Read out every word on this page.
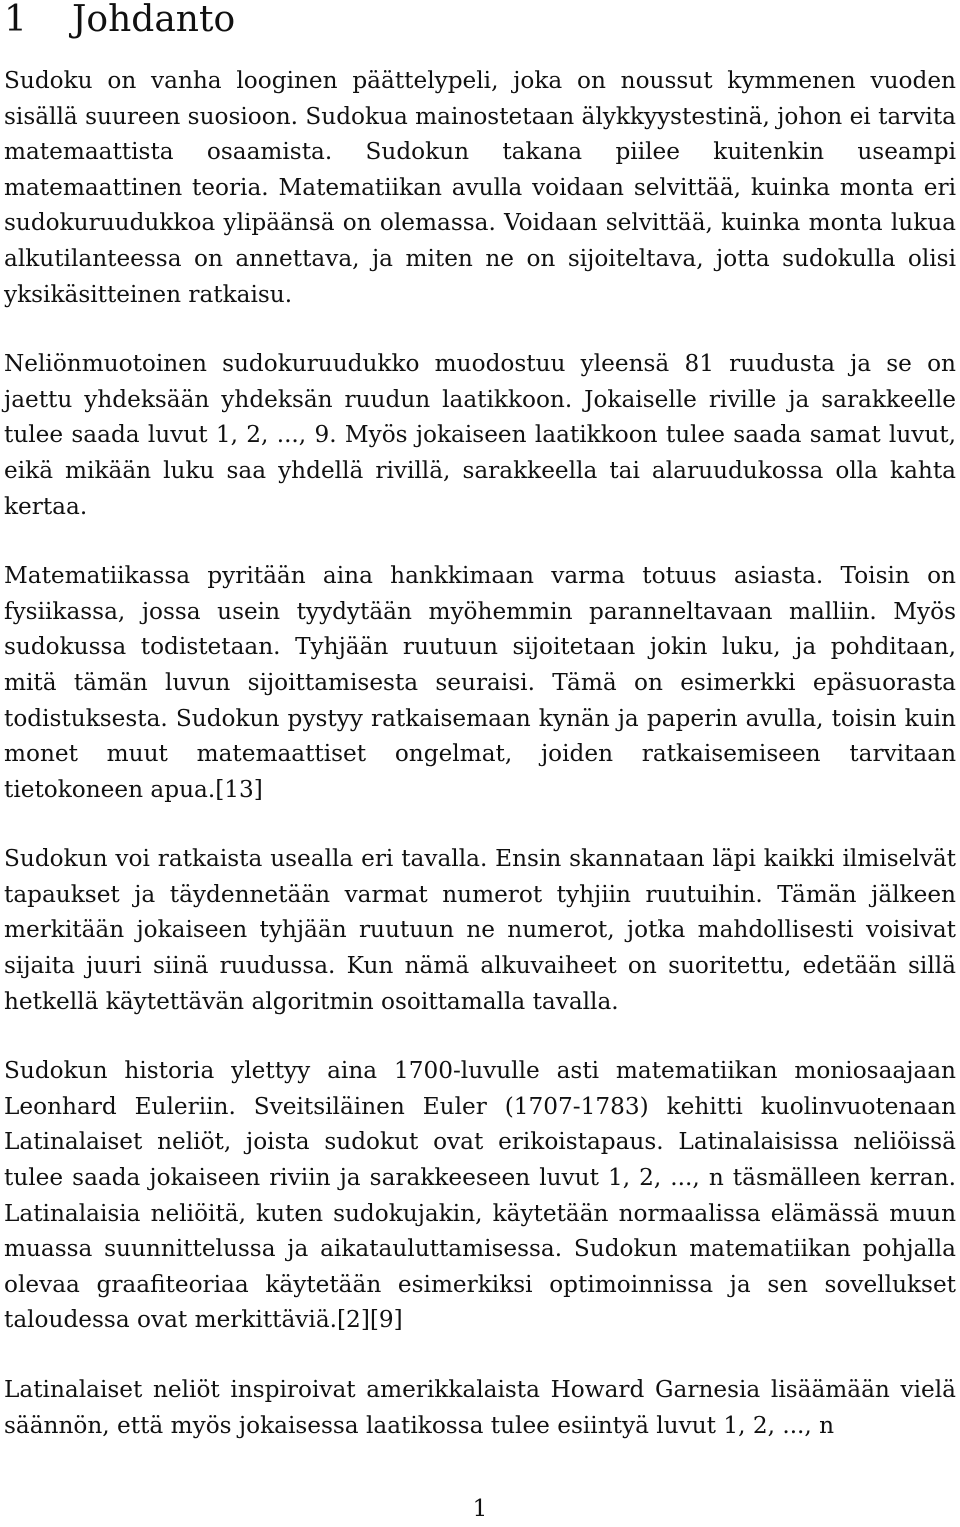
1	Johdanto

Sudoku on vanha looginen päättelypeli, joka on noussut kymmenen vuoden sisällä suureen suosioon. Sudokua mainostetaan älykkyystestinä, johon ei tarvita matemaattista osaamista. Sudokun takana piilee kuitenkin useampi matemaattinen teoria. Matematiikan avulla voidaan selvittää, kuinka monta eri sudokuruudukkoa ylipäänsä on olemassa. Voidaan selvittää, kuinka monta lukua alkutilanteessa on annettava, ja miten ne on sijoiteltava, jotta sudokulla olisi yksikäsitteinen ratkaisu.

Neliönmuotoinen sudokuruudukko muodostuu yleensä 81 ruudusta ja se on jaettu yhdeksään yhdeksän ruudun laatikkoon. Jokaiselle riville ja sarakkeelle tulee saada luvut 1, 2, ..., 9. Myös jokaiseen laatikkoon tulee saada samat luvut, eikä mikään luku saa yhdellä rivillä, sarakkeella tai alaruudukossa olla kahta kertaa.

Matematiikassa pyritään aina hankkimaan varma totuus asiasta. Toisin on fysiikassa, jossa usein tyydytään myöhemmin paranneltavaan malliin. Myös sudokussa todistetaan. Tyhjään ruutuun sijoitetaan jokin luku, ja pohditaan, mitä tämän luvun sijoittamisesta seuraisi. Tämä on esimerkki epäsuorasta todistuksesta. Sudokun pystyy ratkaisemaan kynän ja paperin avulla, toisin kuin monet muut matemaattiset ongelmat, joiden ratkaisemiseen tarvitaan tietokoneen apua.[13]

Sudokun voi ratkaista usealla eri tavalla. Ensin skannataan läpi kaikki ilmiselvät tapaukset ja täydennetään varmat numerot tyhjiin ruutuihin. Tämän jälkeen merkitään jokaiseen tyhjään ruutuun ne numerot, jotka mahdollisesti voisivat sijaita juuri siinä ruudussa. Kun nämä alkuvaiheet on suoritettu, edetään sillä hetkellä käytettävän algoritmin osoittamalla tavalla.

Sudokun historia ylettyy aina 1700-luvulle asti matematiikan moniosaajaan Leonhard Euleriin. Sveitsiläinen Euler (1707-1783) kehitti kuolinvuotenaan Latinalaiset neliöt, joista sudokut ovat erikoistapaus. Latinalaisissa neliöissä tulee saada jokaiseen riviin ja sarakkeeseen luvut 1, 2, ..., n täsmälleen kerran. Latinalaisia neliöitä, kuten sudokujakin, käytetään normaalissa elämässä muun muassa suunnittelussa ja aikatauluttamisessa. Sudokun matematiikan pohjalla olevaa graafiteoriaa käytetään esimerkiksi optimoinnissa ja sen sovellukset taloudessa ovat merkittäviä.[2][9]

Latinalaiset neliöt inspiroivat amerikkalaista Howard Garnesia lisäämään vielä säännön, että myös jokaisessa laatikossa tulee esiintyä luvut 1, 2, ..., n

1
